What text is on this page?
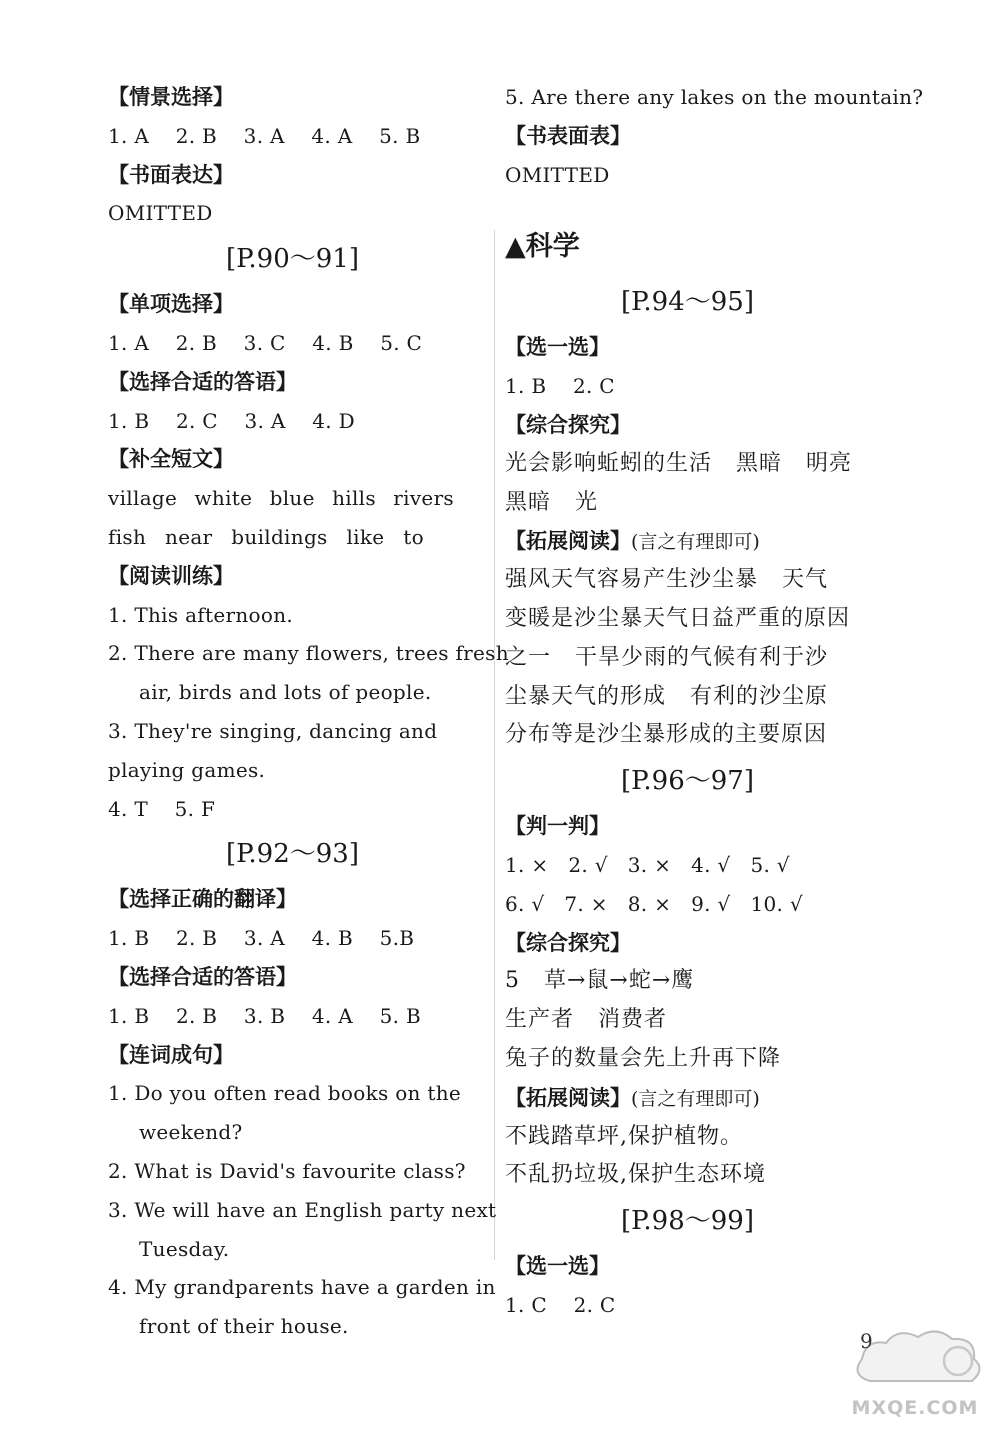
【情景选择】
1. A    2. B    3. A    4. A    5. B
【书面表达】
OMITTED
[P.90～91]
【单项选择】
1. A    2. B    3. C    4. B    5. C
【选择合适的答语】
1. B    2. C    3. A    4. D
【补全短文】
village white blue hills rivers
fish near buildings like to
【阅读训练】
1. This afternoon.
2. There are many flowers, trees fresh
air, birds and lots of people.
3. They're singing, dancing and
playing games.
4. T    5. F
[P.92～93]
【选择正确的翻译】
1. B    2. B    3. A    4. B    5.B
【选择合适的答语】
1. B    2. B    3. B    4. A    5. B
【连词成句】
1. Do you often read books on the
weekend?
2. What is David's favourite class?
3. We will have an English party next
Tuesday.
4. My grandparents have a garden in
front of their house.
5. Are there any lakes on the mountain?
【书表面表】
OMITTED
▲科学
[P.94～95]
【选一选】
1. B    2. C
【综合探究】
光会影响蚯蚓的生活   黑暗   明亮
黑暗   光
【拓展阅读】(言之有理即可)
强风天气容易产生沙尘暴   天气
变暖是沙尘暴天气日益严重的原因
之一   干旱少雨的气候有利于沙
尘暴天气的形成   有利的沙尘原
分布等是沙尘暴形成的主要原因
[P.96～97]
【判一判】
1. ×   2. √   3. ×   4. √   5. √
6. √   7. ×   8. ×   9. √   10. √
【综合探究】
5   草→鼠→蛇→鹰
生产者   消费者
兔子的数量会先上升再下降
【拓展阅读】(言之有理即可)
不践踏草坪,保护植物。
不乱扔垃圾,保护生态环境
[P.98～99]
【选一选】
1. C    2. C
9
MXQE.COM
